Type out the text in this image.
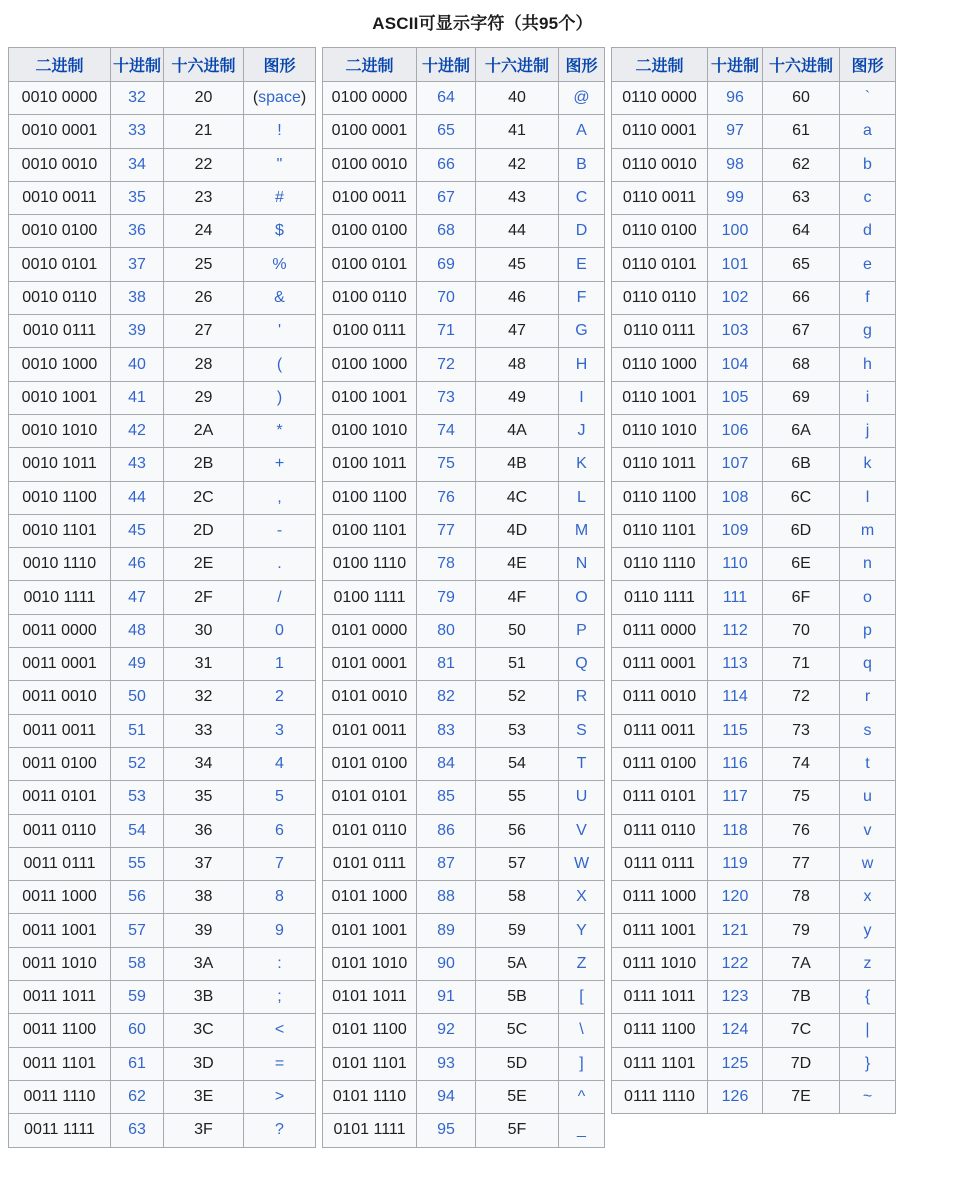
ASCII可显示字符（共95个）
二进制	十进制	十六进制	图形
0010 0000	32	20	(space)
0010 0001	33	21	!
0010 0010	34	22	"
0010 0011	35	23	#
0010 0100	36	24	$
0010 0101	37	25	%
0010 0110	38	26	&
0010 0111	39	27	'
0010 1000	40	28	(
0010 1001	41	29	)
0010 1010	42	2A	*
0010 1011	43	2B	+
0010 1100	44	2C	,
0010 1101	45	2D	-
0010 1110	46	2E	.
0010 1111	47	2F	/
0011 0000	48	30	0
0011 0001	49	31	1
0011 0010	50	32	2
0011 0011	51	33	3
0011 0100	52	34	4
0011 0101	53	35	5
0011 0110	54	36	6
0011 0111	55	37	7
0011 1000	56	38	8
0011 1001	57	39	9
0011 1010	58	3A	:
0011 1011	59	3B	;
0011 1100	60	3C	<
0011 1101	61	3D	=
0011 1110	62	3E	>
0011 1111	63	3F	?
二进制	十进制	十六进制	图形
0100 0000	64	40	@
0100 0001	65	41	A
0100 0010	66	42	B
0100 0011	67	43	C
0100 0100	68	44	D
0100 0101	69	45	E
0100 0110	70	46	F
0100 0111	71	47	G
0100 1000	72	48	H
0100 1001	73	49	I
0100 1010	74	4A	J
0100 1011	75	4B	K
0100 1100	76	4C	L
0100 1101	77	4D	M
0100 1110	78	4E	N
0100 1111	79	4F	O
0101 0000	80	50	P
0101 0001	81	51	Q
0101 0010	82	52	R
0101 0011	83	53	S
0101 0100	84	54	T
0101 0101	85	55	U
0101 0110	86	56	V
0101 0111	87	57	W
0101 1000	88	58	X
0101 1001	89	59	Y
0101 1010	90	5A	Z
0101 1011	91	5B	[
0101 1100	92	5C	\
0101 1101	93	5D	]
0101 1110	94	5E	^
0101 1111	95	5F	_
二进制	十进制	十六进制	图形
0110 0000	96	60	`
0110 0001	97	61	a
0110 0010	98	62	b
0110 0011	99	63	c
0110 0100	100	64	d
0110 0101	101	65	e
0110 0110	102	66	f
0110 0111	103	67	g
0110 1000	104	68	h
0110 1001	105	69	i
0110 1010	106	6A	j
0110 1011	107	6B	k
0110 1100	108	6C	l
0110 1101	109	6D	m
0110 1110	110	6E	n
0110 1111	111	6F	o
0111 0000	112	70	p
0111 0001	113	71	q
0111 0010	114	72	r
0111 0011	115	73	s
0111 0100	116	74	t
0111 0101	117	75	u
0111 0110	118	76	v
0111 0111	119	77	w
0111 1000	120	78	x
0111 1001	121	79	y
0111 1010	122	7A	z
0111 1011	123	7B	{
0111 1100	124	7C	|
0111 1101	125	7D	}
0111 1110	126	7E	~
